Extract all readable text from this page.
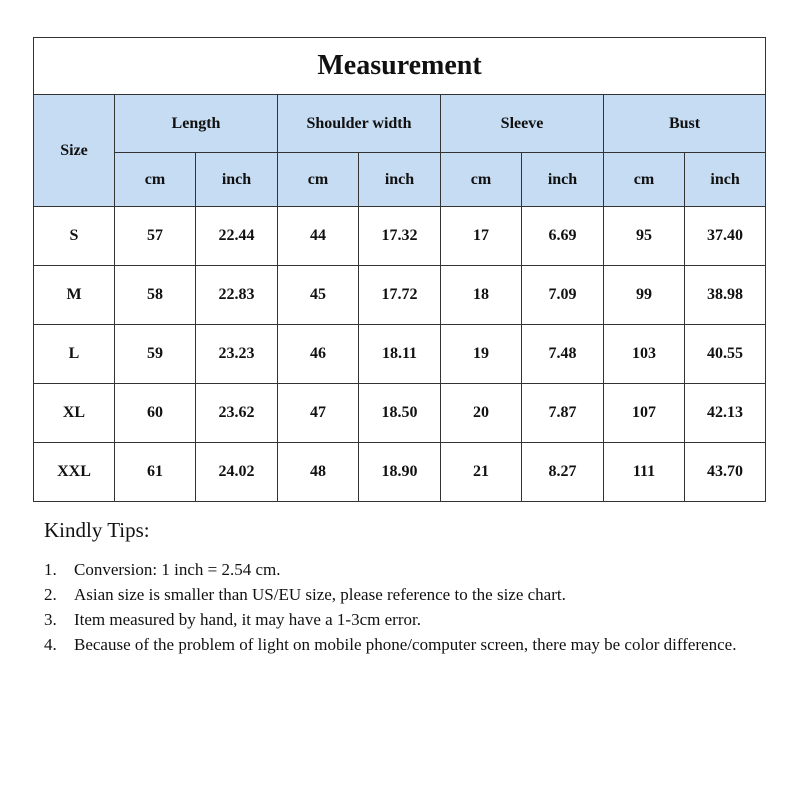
Measurement								
Size	Length		Shoulder width		Sleeve		Bust	
	cm	inch	cm	inch	cm	inch	cm	inch
S	57	22.44	44	17.32	17	6.69	95	37.40
M	58	22.83	45	17.72	18	7.09	99	38.98
L	59	23.23	46	18.11	19	7.48	103	40.55
XL	60	23.62	47	18.50	20	7.87	107	42.13
XXL	61	24.02	48	18.90	21	8.27	111	43.70
Kindly Tips:
1. Conversion: 1 inch = 2.54 cm.
2. Asian size is smaller than US/EU size, please reference to the size chart.
3. Item measured by hand, it may have a 1-3cm error.
4. Because of the problem of light on mobile phone/computer screen, there may be color difference.
